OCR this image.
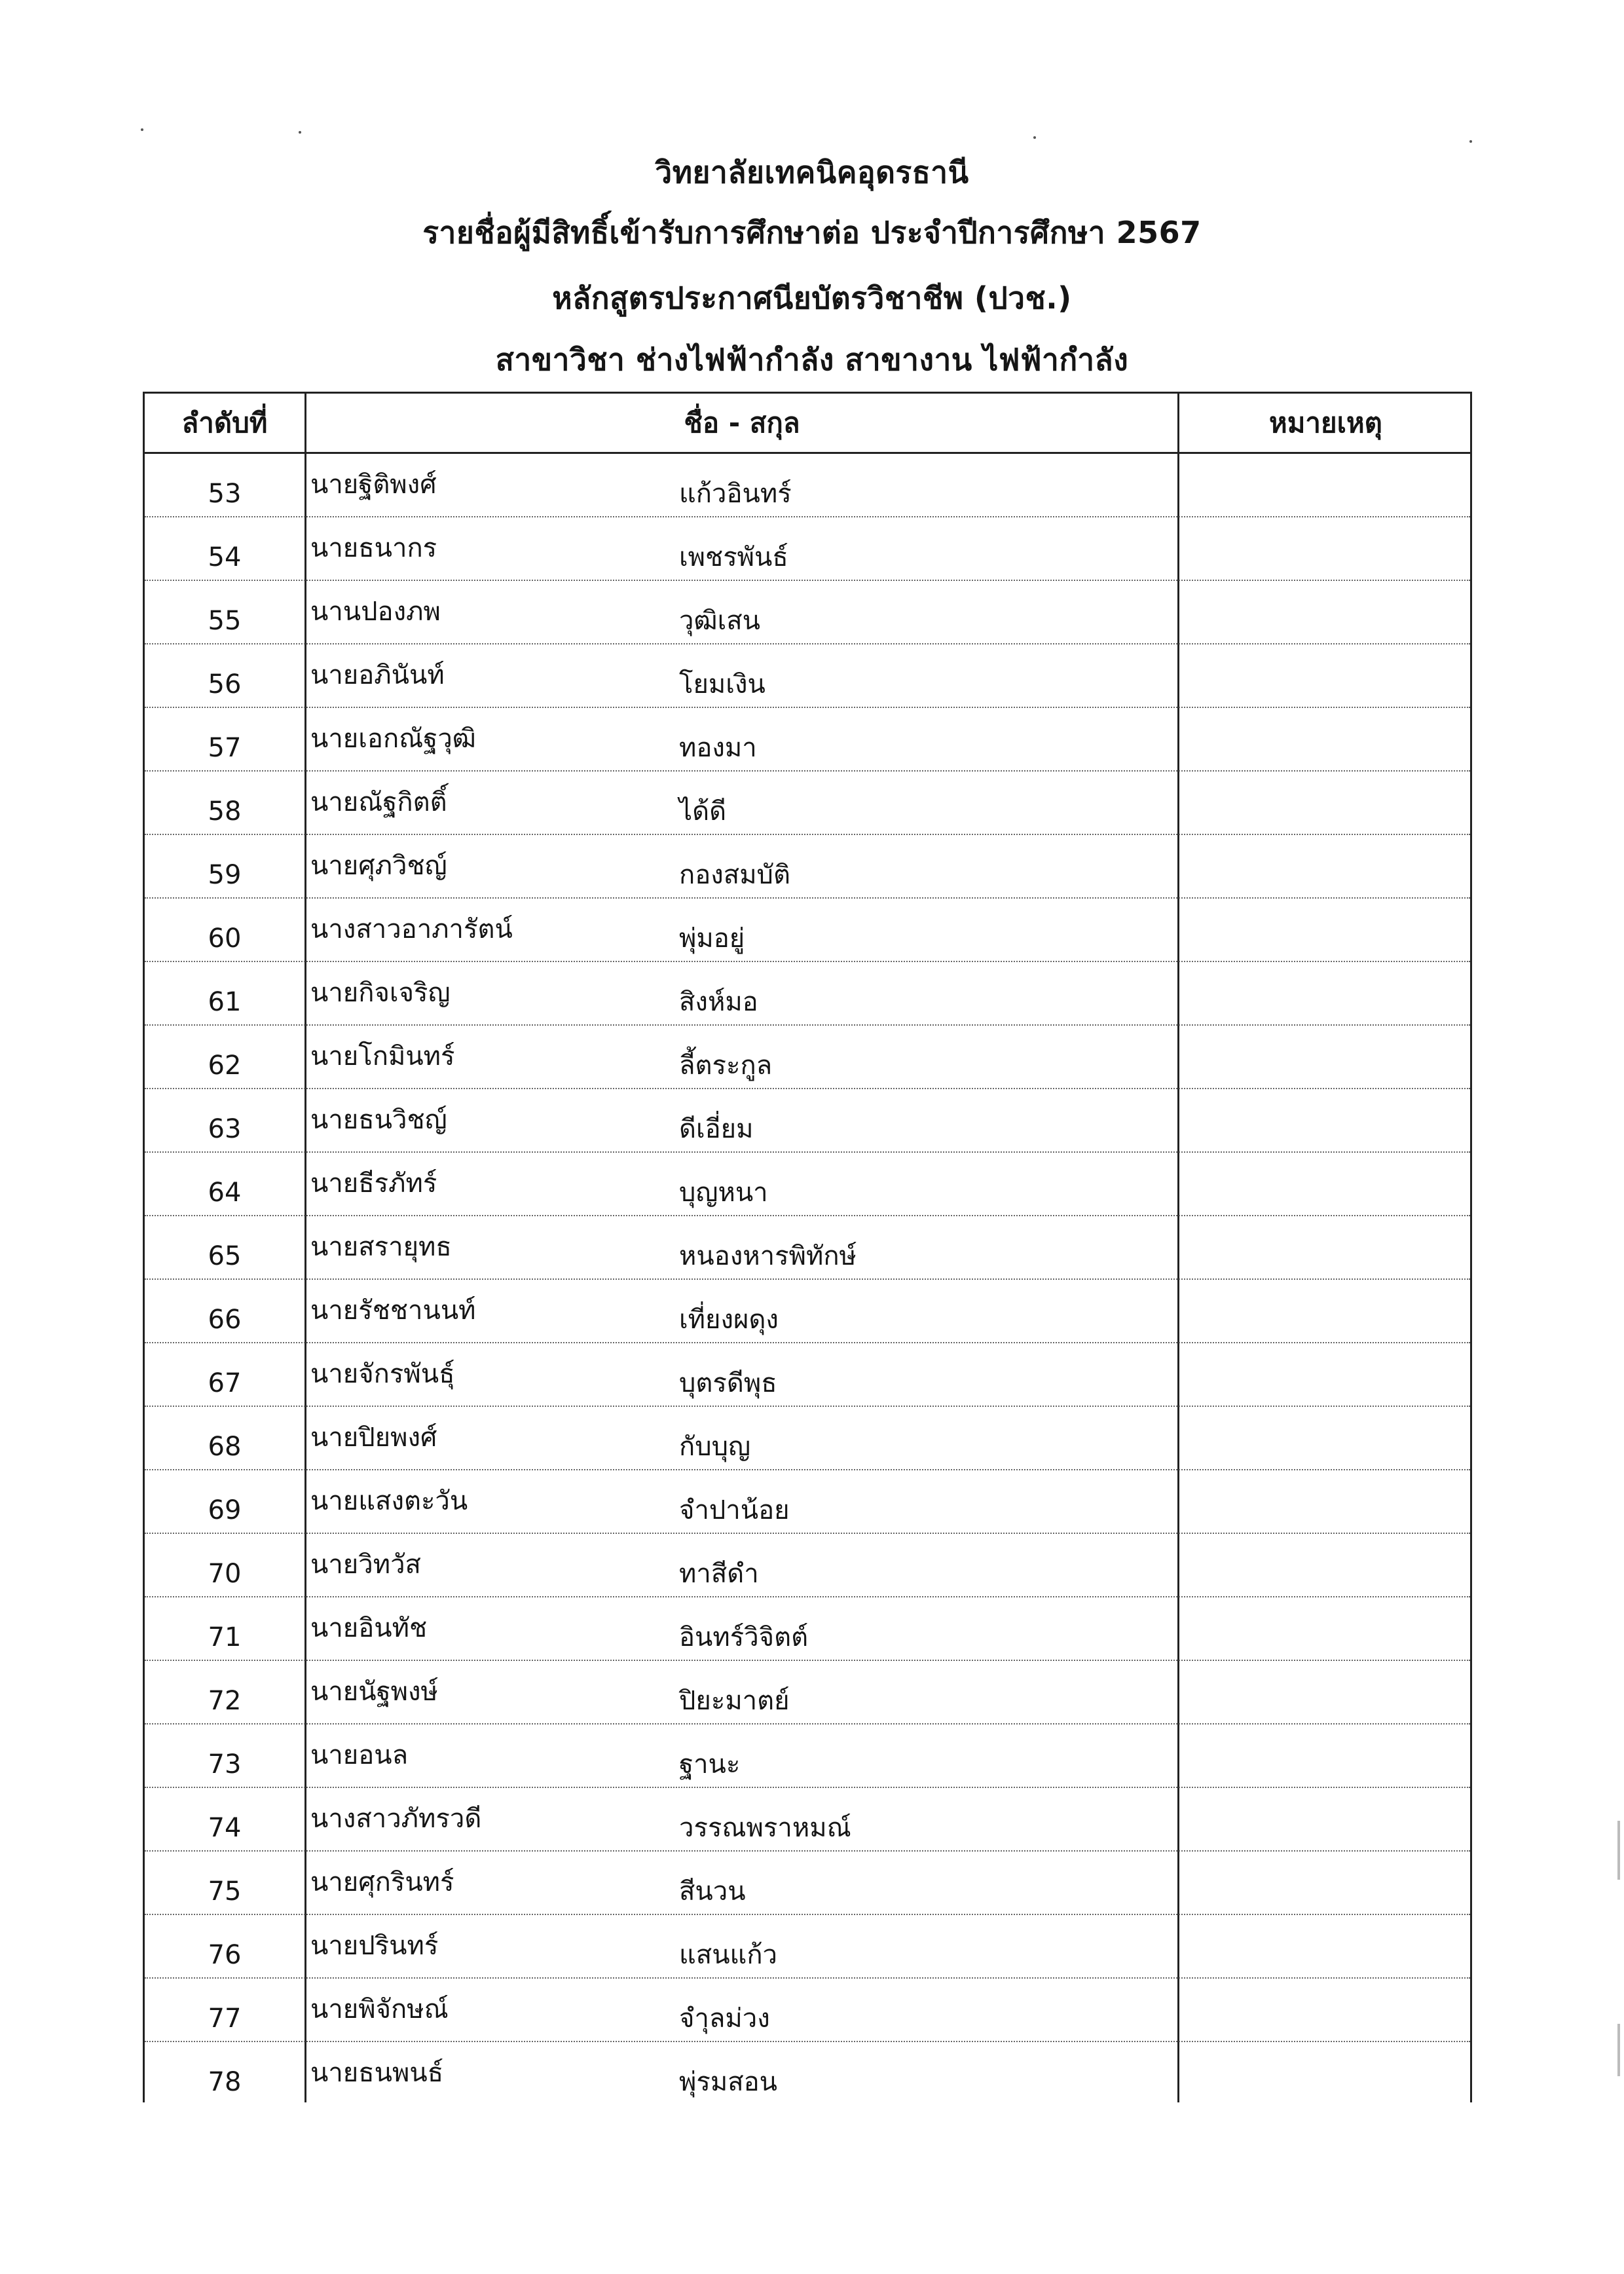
วิทยาลัยเทคนิคอุดรธานี
รายชื่อผู้มีสิทธิ์เข้ารับการศึกษาต่อ ประจำปีการศึกษา 2567
หลักสูตรประกาศนียบัตรวิชาชีพ (ปวช.)
สาขาวิชา ช่างไฟฟ้ากำลัง สาขางาน ไฟฟ้ากำลัง
ลำดับที่	ชื่อ - สกุล	หมายเหตุ
53	นายฐิติพงศ์	แก้วอินทร์
54	นายธนากร	เพชรพันธ์
55	นานปองภพ	วุฒิเสน
56	นายอภินันท์	โยมเงิน
57	นายเอกณัฐวุฒิ	ทองมา
58	นายณัฐกิตติ์	ได้ดี
59	นายศุภวิชญ์	กองสมบัติ
60	นางสาวอาภารัตน์	พุ่มอยู่
61	นายกิจเจริญ	สิงห์มอ
62	นายโกมินทร์	ลี้ตระกูล
63	นายธนวิชญ์	ดีเอี่ยม
64	นายธีรภัทร์	บุญหนา
65	นายสรายุทธ	หนองหารพิทักษ์
66	นายรัชชานนท์	เที่ยงผดุง
67	นายจักรพันธุ์	บุตรดีพุธ
68	นายปิยพงศ์	กับบุญ
69	นายแสงตะวัน	จำปาน้อย
70	นายวิทวัส	ทาสีดำ
71	นายอินทัช	อินทร์วิจิตต์
72	นายนัฐพงษ์	ปิยะมาตย์
73	นายอนล	ฐานะ
74	นางสาวภัทรวดี	วรรณพราหมณ์
75	นายศุกรินทร์	สีนวน
76	นายปรินทร์	แสนแก้ว
77	นายพิจักษณ์	จำุลม่วง
78	นายธนพนธ์	พุ่รมสอน
